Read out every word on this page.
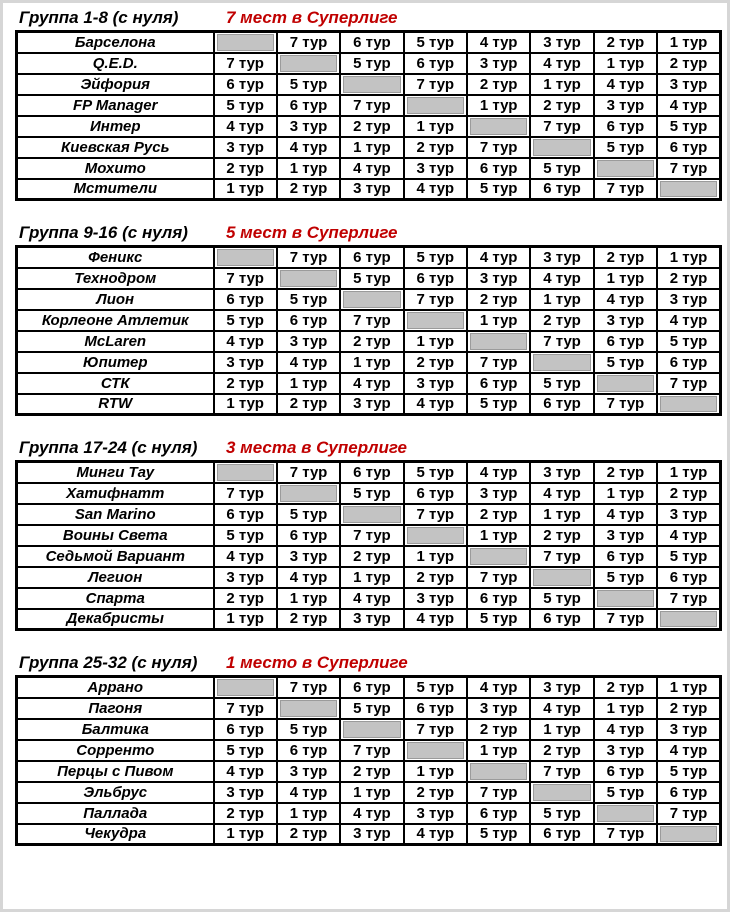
Группа 1-8 (с нуля)	7 мест в Суперлиге
Барселона		7 тур	6 тур	5 тур	4 тур	3 тур	2 тур	1 тур
Q.E.D.	7 тур		5 тур	6 тур	3 тур	4 тур	1 тур	2 тур
Эйфория	6 тур	5 тур		7 тур	2 тур	1 тур	4 тур	3 тур
FP Manager	5 тур	6 тур	7 тур		1 тур	2 тур	3 тур	4 тур
Интер	4 тур	3 тур	2 тур	1 тур		7 тур	6 тур	5 тур
Киевская Русь	3 тур	4 тур	1 тур	2 тур	7 тур		5 тур	6 тур
Мохито	2 тур	1 тур	4 тур	3 тур	6 тур	5 тур		7 тур
Мстители	1 тур	2 тур	3 тур	4 тур	5 тур	6 тур	7 тур	
Группа 9-16 (с нуля)	5 мест в Суперлиге
Феникс		7 тур	6 тур	5 тур	4 тур	3 тур	2 тур	1 тур
Технодром	7 тур		5 тур	6 тур	3 тур	4 тур	1 тур	2 тур
Лион	6 тур	5 тур		7 тур	2 тур	1 тур	4 тур	3 тур
Корлеоне Атлетик	5 тур	6 тур	7 тур		1 тур	2 тур	3 тур	4 тур
McLaren	4 тур	3 тур	2 тур	1 тур		7 тур	6 тур	5 тур
Юпитер	3 тур	4 тур	1 тур	2 тур	7 тур		5 тур	6 тур
СТК	2 тур	1 тур	4 тур	3 тур	6 тур	5 тур		7 тур
RTW	1 тур	2 тур	3 тур	4 тур	5 тур	6 тур	7 тур	
Группа 17-24 (с нуля)	3 места в Суперлиге
Минги Тау		7 тур	6 тур	5 тур	4 тур	3 тур	2 тур	1 тур
Хатифнатт	7 тур		5 тур	6 тур	3 тур	4 тур	1 тур	2 тур
San Marino	6 тур	5 тур		7 тур	2 тур	1 тур	4 тур	3 тур
Воины Света	5 тур	6 тур	7 тур		1 тур	2 тур	3 тур	4 тур
Седьмой Вариант	4 тур	3 тур	2 тур	1 тур		7 тур	6 тур	5 тур
Легион	3 тур	4 тур	1 тур	2 тур	7 тур		5 тур	6 тур
Спарта	2 тур	1 тур	4 тур	3 тур	6 тур	5 тур		7 тур
Декабристы	1 тур	2 тур	3 тур	4 тур	5 тур	6 тур	7 тур	
Группа 25-32 (с нуля)	1 место в Суперлиге
Аррано		7 тур	6 тур	5 тур	4 тур	3 тур	2 тур	1 тур
Пагоня	7 тур		5 тур	6 тур	3 тур	4 тур	1 тур	2 тур
Балтика	6 тур	5 тур		7 тур	2 тур	1 тур	4 тур	3 тур
Сорренто	5 тур	6 тур	7 тур		1 тур	2 тур	3 тур	4 тур
Перцы с Пивом	4 тур	3 тур	2 тур	1 тур		7 тур	6 тур	5 тур
Эльбрус	3 тур	4 тур	1 тур	2 тур	7 тур		5 тур	6 тур
Паллада	2 тур	1 тур	4 тур	3 тур	6 тур	5 тур		7 тур
Чекудра	1 тур	2 тур	3 тур	4 тур	5 тур	6 тур	7 тур	
